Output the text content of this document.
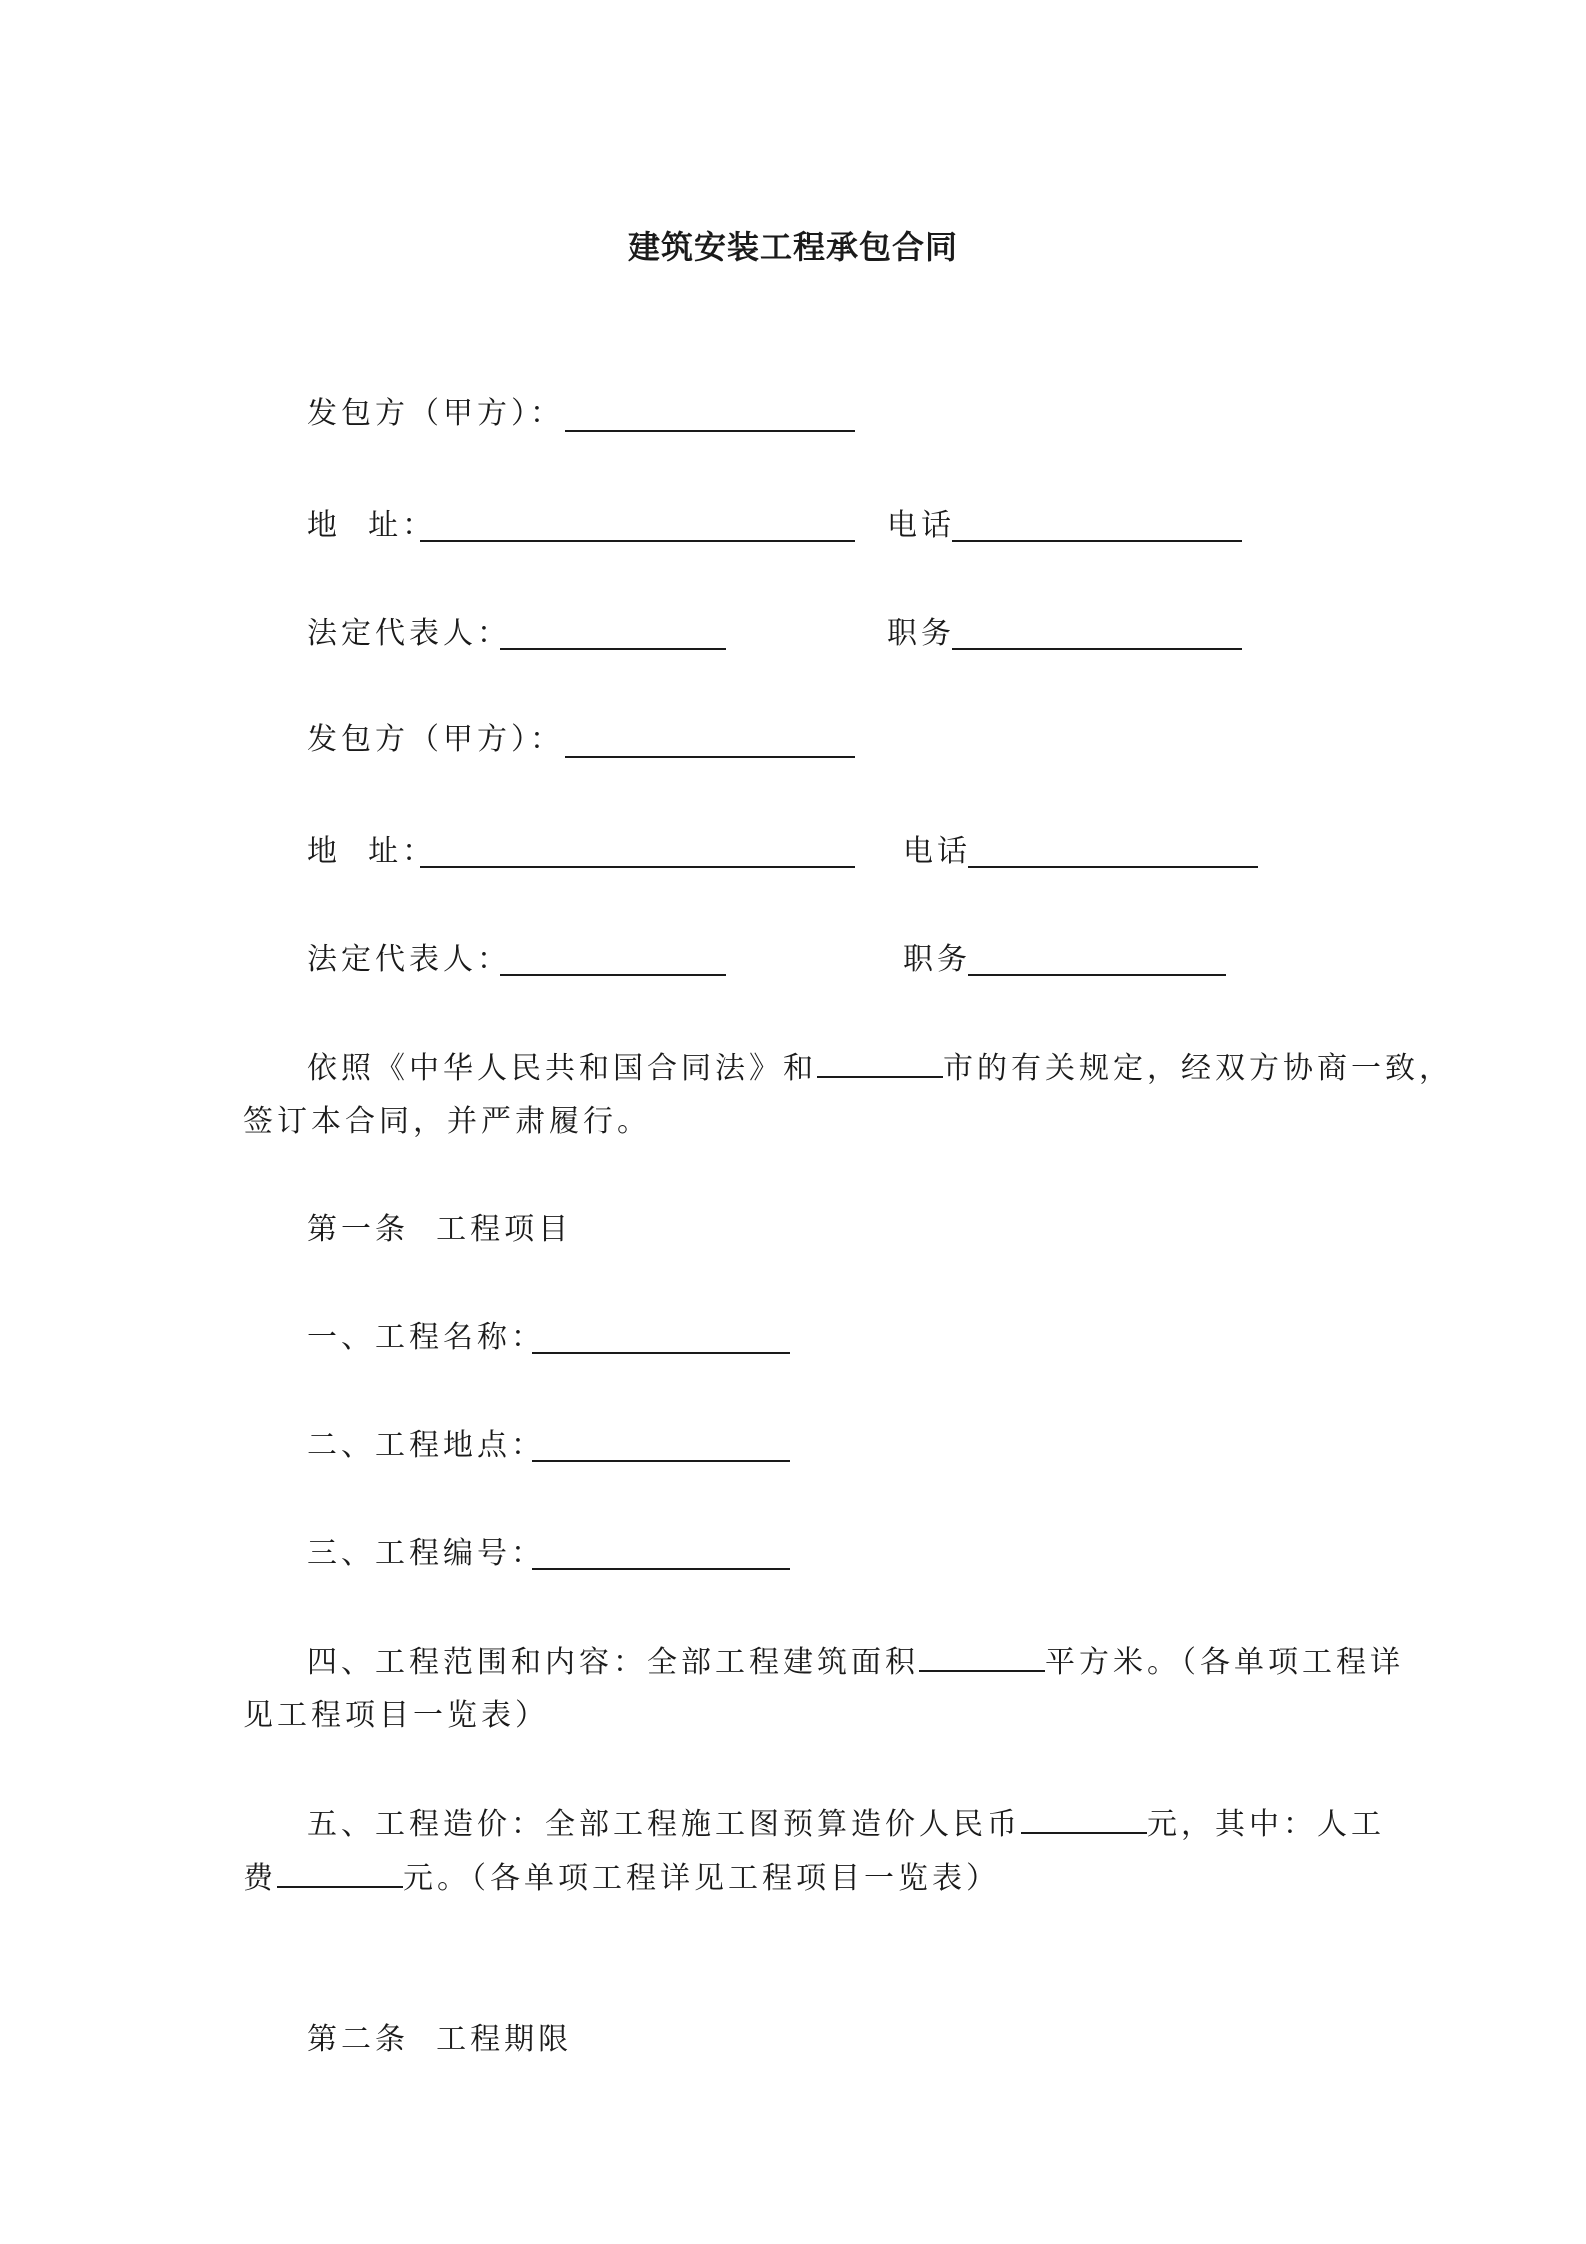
建筑安装工程承包合同
发包方（甲方）：
地  址：	电话
法定代表人：	职务
发包方（甲方）：
地  址：	电话
法定代表人：	职务
依照《中华人民共和国合同法》和	市的有关规定，经双方协商一致，
签订本合同，并严肃履行。
第一条  工程项目
一、工程名称：
二、工程地点：
三、工程编号：
四、工程范围和内容：全部工程建筑面积	平方米。（各单项工程详
见工程项目一览表）
五、工程造价：全部工程施工图预算造价人民币	元，其中：人工
费	元。（各单项工程详见工程项目一览表）
第二条  工程期限
